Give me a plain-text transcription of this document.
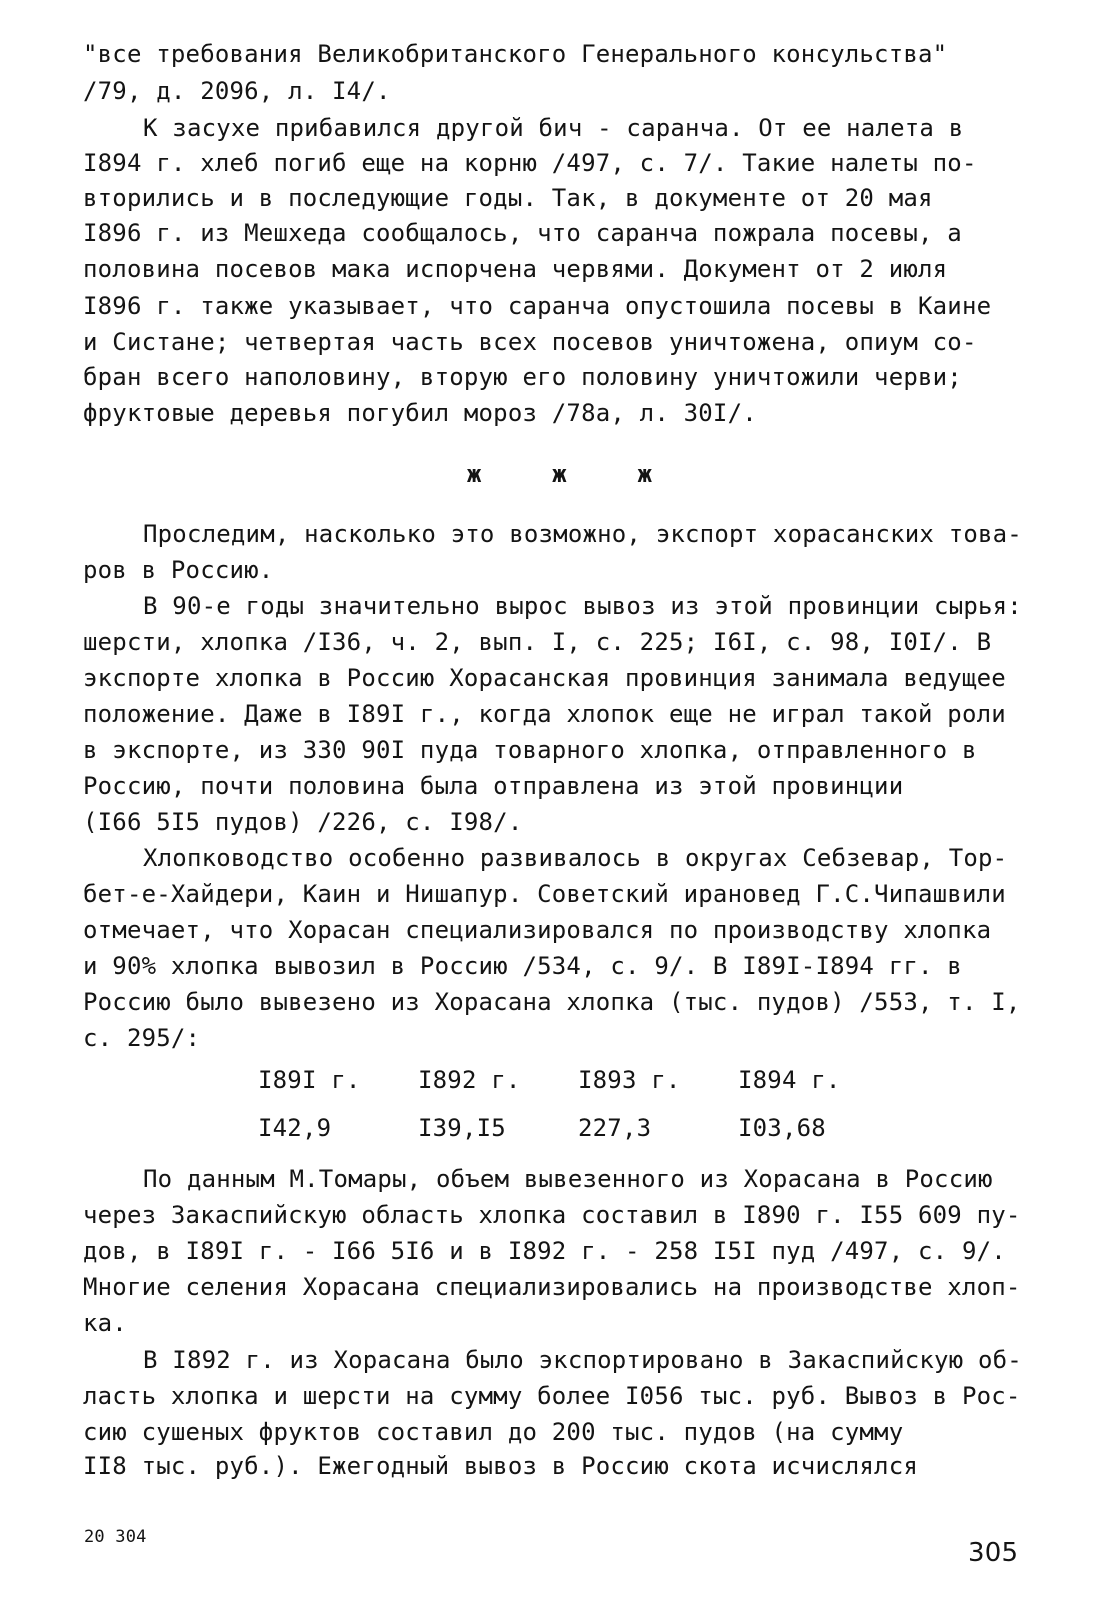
"все требования Великобританского Генерального консульства"
/79, д. 2096, л. I4/.
К засухе прибавился другой бич - саранча. От ее налета в
I894 г. хлеб погиб еще на корню /497, с. 7/. Такие налеты по-
вторились и в последующие годы. Так, в документе от 20 мая
I896 г. из Мешхеда сообщалось, что саранча пожрала посевы, а
половина посевов мака испорчена червями. Документ от 2 июля
I896 г. также указывает, что саранча опустошила посевы в Каине
и Систане; четвертая часть всех посевов уничтожена, опиум со-
бран всего наполовину, вторую его половину уничтожили черви;
фруктовые деревья погубил мороз /78а, л. 30I/.
ж ж ж
Проследим, насколько это возможно, экспорт хорасанских това-
ров в Россию.
В 90-е годы значительно вырос вывоз из этой провинции сырья:
шерсти, хлопка /I36, ч. 2, вып. I, с. 225; I6I, с. 98, I0I/. В
экспорте хлопка в Россию Хорасанская провинция занимала ведущее
положение. Даже в I89I г., когда хлопок еще не играл такой роли
в экспорте, из 330 90I пуда товарного хлопка, отправленного в
Россию, почти половина была отправлена из этой провинции
(I66 5I5 пудов) /226, с. I98/.
Хлопководство особенно развивалось в округах Себзевар, Тор-
бет-е-Хайдери, Каин и Нишапур. Советский ирановед Г.С.Чипашвили
отмечает, что Хорасан специализировался по производству хлопка
и 90% хлопка вывозил в Россию /534, с. 9/. В I89I-I894 гг. в
Россию было вывезено из Хорасана хлопка (тыс. пудов) /553, т. I,
с. 295/:
I89I г. I892 г. I893 г. I894 г.
I42,9	I39,I5	227,3	I03,68
По данным М.Томары, объем вывезенного из Хорасана в Россию
через Закаспийскую область хлопка составил в I890 г. I55 609 пу-
дов, в I89I г. - I66 5I6 и в I892 г. - 258 I5I пуд /497, с. 9/.
Многие селения Хорасана специализировались на производстве хлоп-
ка.
В I892 г. из Хорасана было экспортировано в Закаспийскую об-
ласть хлопка и шерсти на сумму более I056 тыс. руб. Вывоз в Рос-
сию сушеных фруктов составил до 200 тыс. пудов (на сумму
II8 тыс. руб.). Ежегодный вывоз в Россию скота исчислялся
20 304
305
